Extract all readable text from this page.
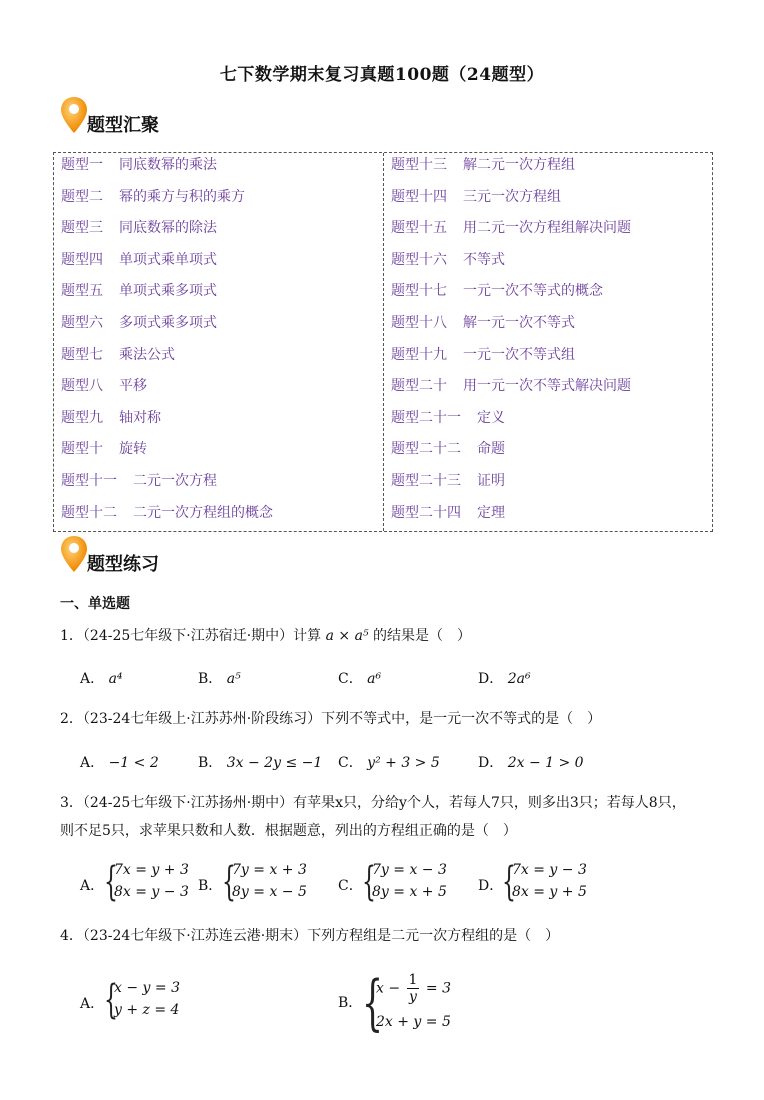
七下数学期末复习真题100题（24题型）
题型汇聚
题型一 同底数幂的乘法
题型二 幂的乘方与积的乘方
题型三 同底数幂的除法
题型四 单项式乘单项式
题型五 单项式乘多项式
题型六 多项式乘多项式
题型七 乘法公式
题型八 平移
题型九 轴对称
题型十 旋转
题型十一 二元一次方程
题型十二 二元一次方程组的概念
题型十三 解二元一次方程组
题型十四 三元一次方程组
题型十五 用二元一次方程组解决问题
题型十六 不等式
题型十七 一元一次不等式的概念
题型十八 解一元一次不等式
题型十九 一元一次不等式组
题型二十 用一元一次不等式解决问题
题型二十一 定义
题型二十二 命题
题型二十三 证明
题型二十四 定理
题型练习
一、单选题
1．（24-25七年级下·江苏宿迁·期中）计算 a × a⁵ 的结果是（　）
A． a⁴	B． a⁵	C． a⁶	D． 2a⁶
2．（23-24七年级上·江苏苏州·阶段练习）下列不等式中，是一元一次不等式的是（　）
A． −1 < 2	B． 3x − 2y ≤ −1 C． y² + 3 > 5	D． 2x − 1 > 0
3．（24-25七年级下·江苏扬州·期中）有苹果x只，分给y个人，若每人7只，则多出3只；若每人8只，
则不足5只，求苹果只数和人数．根据题意，列出的方程组正确的是（　）
A． {
7x = y + 3
8x = y − 3 B． {
7y = x + 3
8y = x − 5 C． {
7y = x − 3
8y = x + 5 D．
{
7x = y − 3
8x = y + 5
4．（23-24七年级下·江苏连云港·期末）下列方程组是二元一次方程组的是（　）
A． {
x − y = 3
y + z = 4	B． {
$x - \frac{1}{y} = 3$
2x + y = 5
